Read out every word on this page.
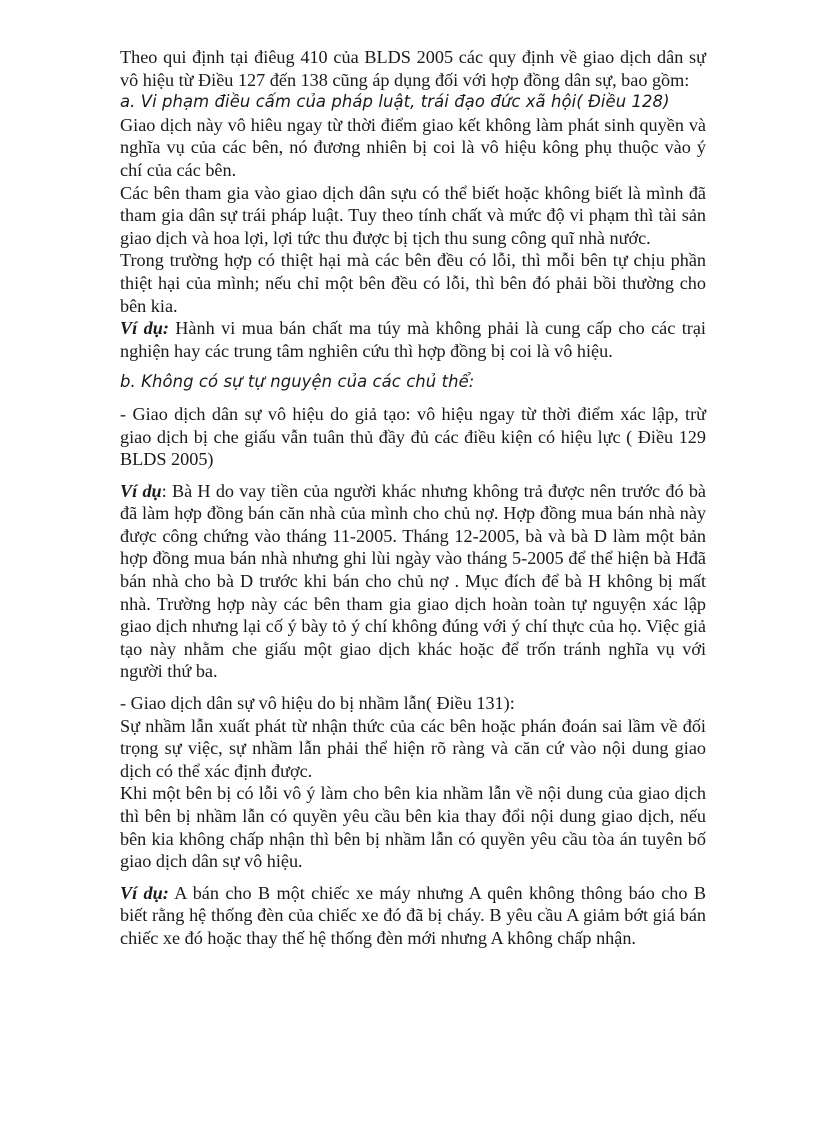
Theo qui định tại điêug 410 của BLDS 2005 các quy định về giao dịch dân sự vô hiệu từ Điều 127 đến 138 cũng áp dụng đối với hợp đồng dân sự, bao gồm:

a. Vi phạm điều cấm của pháp luật, trái đạo đức xã hội( Điều 128)

Giao dịch này vô hiêu ngay từ thời điểm giao kết không làm phát sinh quyền và nghĩa vụ của các bên, nó đương nhiên bị coi là vô hiệu kông phụ thuộc vào ý chí của các bên.

Các bên tham gia vào giao dịch dân sựu có thể biết hoặc không biết là mình đã tham gia dân sự trái pháp luật. Tuy theo tính chất và mức độ vi phạm thì tài sản giao dịch và hoa lợi, lợi tức thu được bị tịch thu sung công quĩ nhà nước.

Trong trường hợp có thiệt hại mà các bên đều có lỗi, thì mỗi bên tự chịu phần thiệt hại của mình; nếu chỉ một bên đều có lỗi, thì bên đó phải bồi thường cho bên kia.

Ví dụ: Hành vi mua bán chất ma túy mà không phải là cung cấp cho các trại nghiện hay các trung tâm nghiên cứu thì hợp đồng bị coi là vô hiệu.

b. Không có sự tự nguyện của các chủ thể:

- Giao dịch dân sự vô hiệu do giả tạo: vô hiệu ngay từ thời điểm xác lập, trừ giao dịch bị che giấu vẫn tuân thủ đầy đủ các điều kiện có hiệu lực ( Điều 129 BLDS 2005)

Ví dụ: Bà H do vay tiền của người khác nhưng không trả được nên trước đó bà đã làm hợp đồng bán căn nhà của mình cho chủ nợ. Hợp đồng mua bán nhà này được công chứng vào tháng 11-2005. Tháng 12-2005, bà và bà D làm một bản hợp đồng mua bán nhà nhưng ghi lùi ngày vào tháng 5-2005 để thể hiện bà Hđã bán nhà cho bà D trước khi bán cho chủ nợ . Mục đích để bà H không bị mất nhà. Trường hợp này các bên tham gia giao dịch hoàn toàn tự nguyện xác lập giao dịch nhưng lại cố ý bày tỏ ý chí không đúng với ý chí thực của họ. Việc giả tạo này nhằm che giấu một giao dịch khác hoặc để trốn tránh nghĩa vụ với người thứ ba.

- Giao dịch dân sự vô hiệu do bị nhầm lẫn( Điều 131):

Sự nhầm lẫn xuất phát từ nhận thức của các bên hoặc phán đoán sai lầm về đối trọng sự việc, sự nhầm lẫn phải thể hiện rõ ràng và căn cứ vào nội dung giao dịch có thể xác định được.

Khi một bên bị có lỗi vô ý làm cho bên kia nhầm lẫn về nội dung của giao dịch thì bên bị nhầm lẫn có quyền yêu cầu bên kia thay đổi nội dung giao dịch, nếu bên kia không chấp nhận thì bên bị nhầm lẫn có quyền yêu cầu tòa án tuyên bố giao dịch dân sự vô hiệu.

Ví dụ: A bán cho B một chiếc xe máy nhưng A quên không thông báo cho B biết rằng hệ thống đèn của chiếc xe đó đã bị cháy. B yêu cầu A giảm bớt giá bán chiếc xe đó hoặc thay thế hệ thống đèn mới nhưng A không chấp nhận.
